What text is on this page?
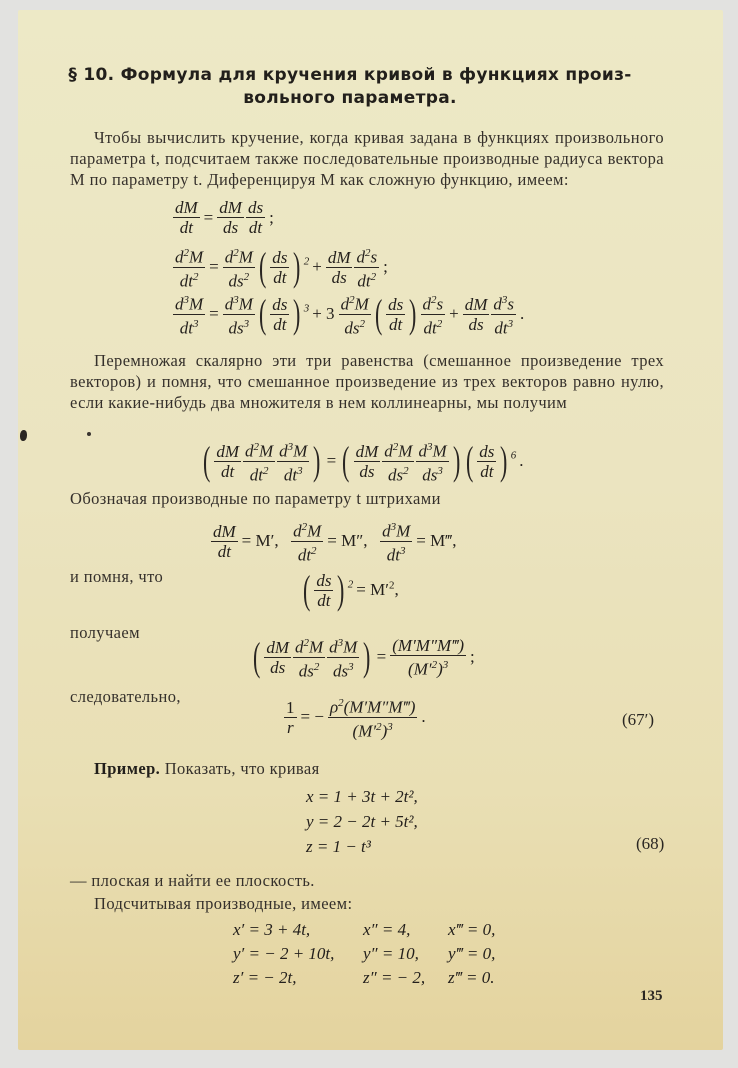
§ 10. Формула для кручения кривой в функциях произ-
вольного параметра.
Чтобы вычислить кручение, когда кривая задана в функциях произвольного параметра t, подсчитаем также последовательные производные радиуса вектора M по параметру t. Диференцируя M как сложную функцию, имеем:
$\frac{dM}{dt} = \frac{dM}{ds} \frac{ds}{dt}$ ;
$\frac{d^2M}{dt^2} = \frac{d^2M}{ds^2}$ ( $\frac{ds}{dt}$ ) $^2 + \frac{dM}{ds} \frac{d^2s}{dt^2}$ ;
$\frac{d^3M}{dt^3} = \frac{d^3M}{ds^3}$ ( $\frac{ds}{dt}$ ) $^3 + 3 \frac{d^2M}{ds^2}$ ( $\frac{ds}{dt}$ ) $\frac{d^2s}{dt^2} + \frac{dM}{ds} \frac{d^3s}{dt^3}$ .
Перемножая скалярно эти три равенства (смешанное произведение трех векторов) и помня, что смешанное произведение из трех векторов равно нулю, если какие-нибудь два множителя в нем коллинеарны, мы получим
( $\frac{dM}{dt} \frac{d^2M}{dt^2} \frac{d^3M}{dt^3}$ ) = ( $\frac{dM}{ds} \frac{d^2M}{ds^2} \frac{d^3M}{ds^3}$ ) ( $\frac{ds}{dt}$ ) $^6$ .
Обозначая производные по параметру t штрихами
$\frac{dM}{dt} = M'$, $\frac{d^2M}{dt^2} = M''$, $\frac{d^3M}{dt^3}$ = M‴,
и помня, что	( $\frac{ds}{dt}$ ) $^2 = M'^2$,
получаем
( $\frac{dM}{ds} \frac{d^2M}{ds^2} \frac{d^3M}{ds^3}$ ) = $\frac{(M'M''M‴)}{(M'^2)^3}$ ;
следовательно,
$\frac{1}{r}$ = − $\frac{\rho^2(M'M''M‴)}{(M'^2)^3}$ .	(67′)
Пример. Показать, что кривая
x = 1 + 3t + 2t²,
y = 2 − 2t + 5t²,
z = 1 − t³	(68)
— плоская и найти ее плоскость.
Подсчитывая производные, имеем:
x′ = 3 + 4t,	x″ = 4, x‴ = 0,
y′ = − 2 + 10t, y″ = 10, y‴ = 0,
z′ = − 2t,	z″ = − 2, z‴ = 0.
135
